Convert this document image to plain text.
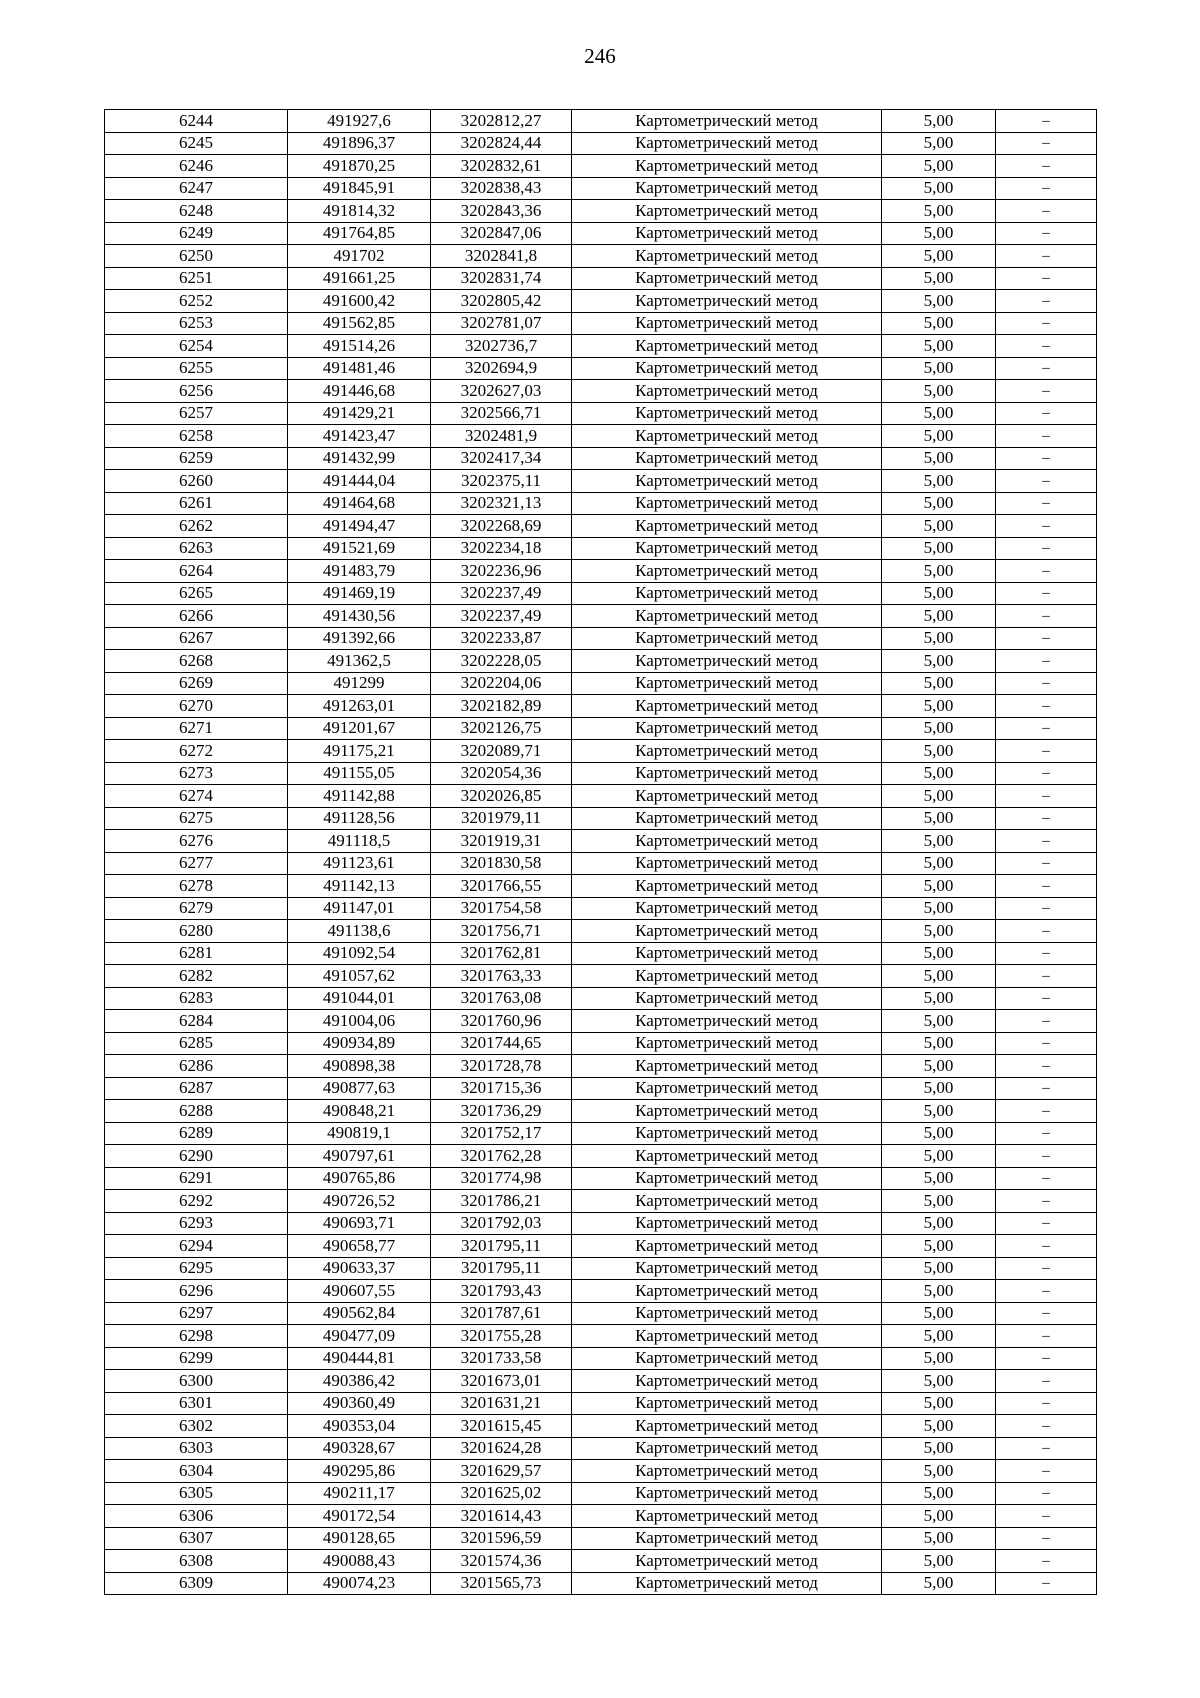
246
6244	491927,6	3202812,27	Картометрический метод	5,00	–
6245	491896,37	3202824,44	Картометрический метод	5,00	–
6246	491870,25	3202832,61	Картометрический метод	5,00	–
6247	491845,91	3202838,43	Картометрический метод	5,00	–
6248	491814,32	3202843,36	Картометрический метод	5,00	–
6249	491764,85	3202847,06	Картометрический метод	5,00	–
6250	491702	3202841,8	Картометрический метод	5,00	–
6251	491661,25	3202831,74	Картометрический метод	5,00	–
6252	491600,42	3202805,42	Картометрический метод	5,00	–
6253	491562,85	3202781,07	Картометрический метод	5,00	–
6254	491514,26	3202736,7	Картометрический метод	5,00	–
6255	491481,46	3202694,9	Картометрический метод	5,00	–
6256	491446,68	3202627,03	Картометрический метод	5,00	–
6257	491429,21	3202566,71	Картометрический метод	5,00	–
6258	491423,47	3202481,9	Картометрический метод	5,00	–
6259	491432,99	3202417,34	Картометрический метод	5,00	–
6260	491444,04	3202375,11	Картометрический метод	5,00	–
6261	491464,68	3202321,13	Картометрический метод	5,00	–
6262	491494,47	3202268,69	Картометрический метод	5,00	–
6263	491521,69	3202234,18	Картометрический метод	5,00	–
6264	491483,79	3202236,96	Картометрический метод	5,00	–
6265	491469,19	3202237,49	Картометрический метод	5,00	–
6266	491430,56	3202237,49	Картометрический метод	5,00	–
6267	491392,66	3202233,87	Картометрический метод	5,00	–
6268	491362,5	3202228,05	Картометрический метод	5,00	–
6269	491299	3202204,06	Картометрический метод	5,00	–
6270	491263,01	3202182,89	Картометрический метод	5,00	–
6271	491201,67	3202126,75	Картометрический метод	5,00	–
6272	491175,21	3202089,71	Картометрический метод	5,00	–
6273	491155,05	3202054,36	Картометрический метод	5,00	–
6274	491142,88	3202026,85	Картометрический метод	5,00	–
6275	491128,56	3201979,11	Картометрический метод	5,00	–
6276	491118,5	3201919,31	Картометрический метод	5,00	–
6277	491123,61	3201830,58	Картометрический метод	5,00	–
6278	491142,13	3201766,55	Картометрический метод	5,00	–
6279	491147,01	3201754,58	Картометрический метод	5,00	–
6280	491138,6	3201756,71	Картометрический метод	5,00	–
6281	491092,54	3201762,81	Картометрический метод	5,00	–
6282	491057,62	3201763,33	Картометрический метод	5,00	–
6283	491044,01	3201763,08	Картометрический метод	5,00	–
6284	491004,06	3201760,96	Картометрический метод	5,00	–
6285	490934,89	3201744,65	Картометрический метод	5,00	–
6286	490898,38	3201728,78	Картометрический метод	5,00	–
6287	490877,63	3201715,36	Картометрический метод	5,00	–
6288	490848,21	3201736,29	Картометрический метод	5,00	–
6289	490819,1	3201752,17	Картометрический метод	5,00	–
6290	490797,61	3201762,28	Картометрический метод	5,00	–
6291	490765,86	3201774,98	Картометрический метод	5,00	–
6292	490726,52	3201786,21	Картометрический метод	5,00	–
6293	490693,71	3201792,03	Картометрический метод	5,00	–
6294	490658,77	3201795,11	Картометрический метод	5,00	–
6295	490633,37	3201795,11	Картометрический метод	5,00	–
6296	490607,55	3201793,43	Картометрический метод	5,00	–
6297	490562,84	3201787,61	Картометрический метод	5,00	–
6298	490477,09	3201755,28	Картометрический метод	5,00	–
6299	490444,81	3201733,58	Картометрический метод	5,00	–
6300	490386,42	3201673,01	Картометрический метод	5,00	–
6301	490360,49	3201631,21	Картометрический метод	5,00	–
6302	490353,04	3201615,45	Картометрический метод	5,00	–
6303	490328,67	3201624,28	Картометрический метод	5,00	–
6304	490295,86	3201629,57	Картометрический метод	5,00	–
6305	490211,17	3201625,02	Картометрический метод	5,00	–
6306	490172,54	3201614,43	Картометрический метод	5,00	–
6307	490128,65	3201596,59	Картометрический метод	5,00	–
6308	490088,43	3201574,36	Картометрический метод	5,00	–
6309	490074,23	3201565,73	Картометрический метод	5,00	–
